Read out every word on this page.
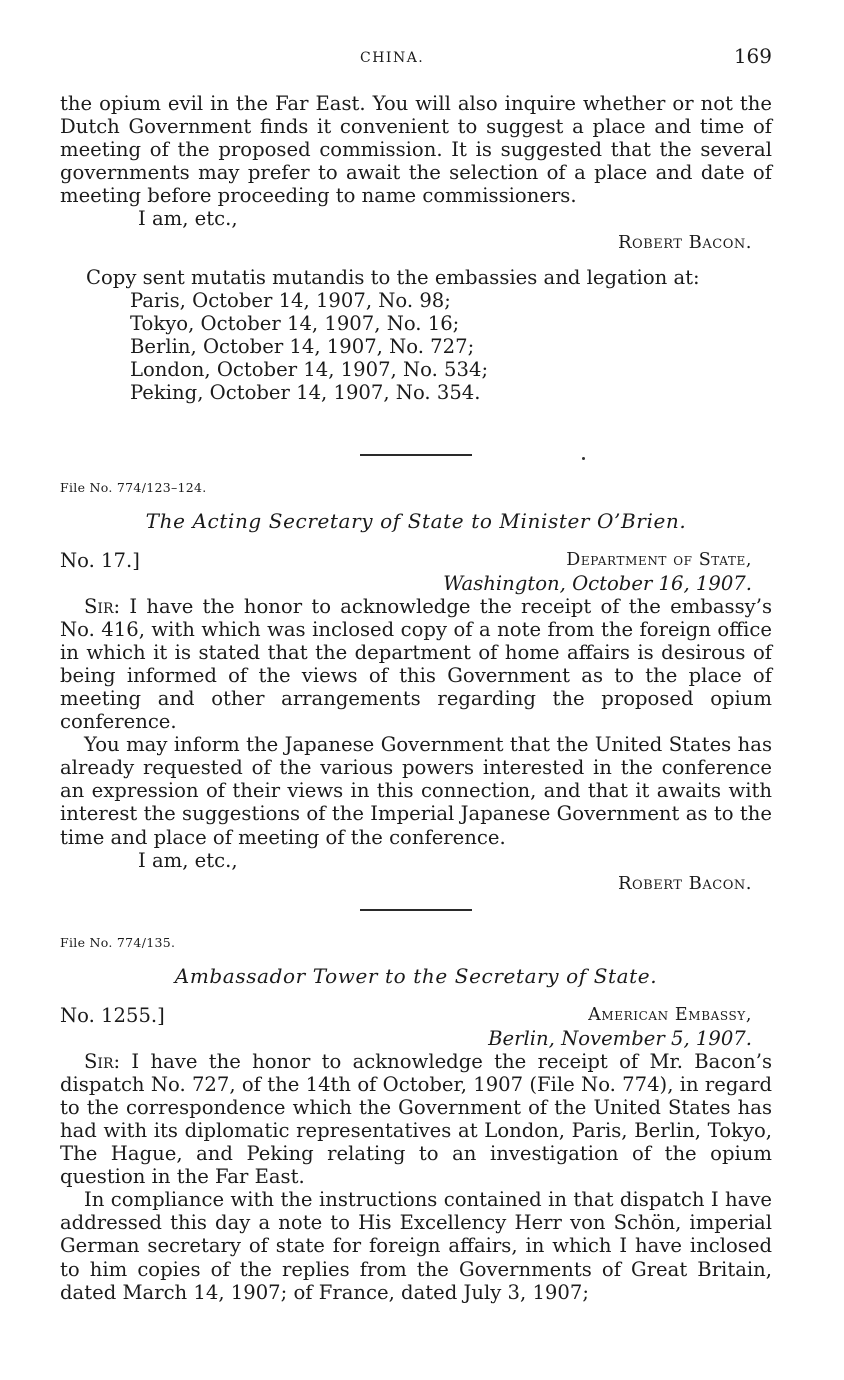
CHINA.	169

the opium evil in the Far East. You will also inquire whether or not the Dutch Government finds it convenient to suggest a place and time of meeting of the proposed commission. It is suggested that the several governments may prefer to await the selection of a place and date of meeting before proceeding to name commissioners.

I am, etc.,

Robert Bacon.

Copy sent mutatis mutandis to the embassies and legation at:

Paris, October 14, 1907, No. 98;
Tokyo, October 14, 1907, No. 16;
Berlin, October 14, 1907, No. 727;
London, October 14, 1907, No. 534;
Peking, October 14, 1907, No. 354.

File No. 774/123–124.

The Acting Secretary of State to Minister O’Brien.

No. 17.]	Department of State,
Washington, October 16, 1907.

Sir: I have the honor to acknowledge the receipt of the embassy’s No. 416, with which was inclosed copy of a note from the foreign office in which it is stated that the department of home affairs is desirous of being informed of the views of this Government as to the place of meeting and other arrangements regarding the proposed opium conference.

You may inform the Japanese Government that the United States has already requested of the various powers interested in the conference an expression of their views in this connection, and that it awaits with interest the suggestions of the Imperial Japanese Government as to the time and place of meeting of the conference.

I am, etc.,

Robert Bacon.

File No. 774/135.

Ambassador Tower to the Secretary of State.

No. 1255.]	American Embassy,
Berlin, November 5, 1907.

Sir: I have the honor to acknowledge the receipt of Mr. Bacon’s dispatch No. 727, of the 14th of October, 1907 (File No. 774), in regard to the correspondence which the Government of the United States has had with its diplomatic representatives at London, Paris, Berlin, Tokyo, The Hague, and Peking relating to an investigation of the opium question in the Far East.

In compliance with the instructions contained in that dispatch I have addressed this day a note to His Excellency Herr von Schön, imperial German secretary of state for foreign affairs, in which I have inclosed to him copies of the replies from the Governments of Great Britain, dated March 14, 1907; of France, dated July 3, 1907;
